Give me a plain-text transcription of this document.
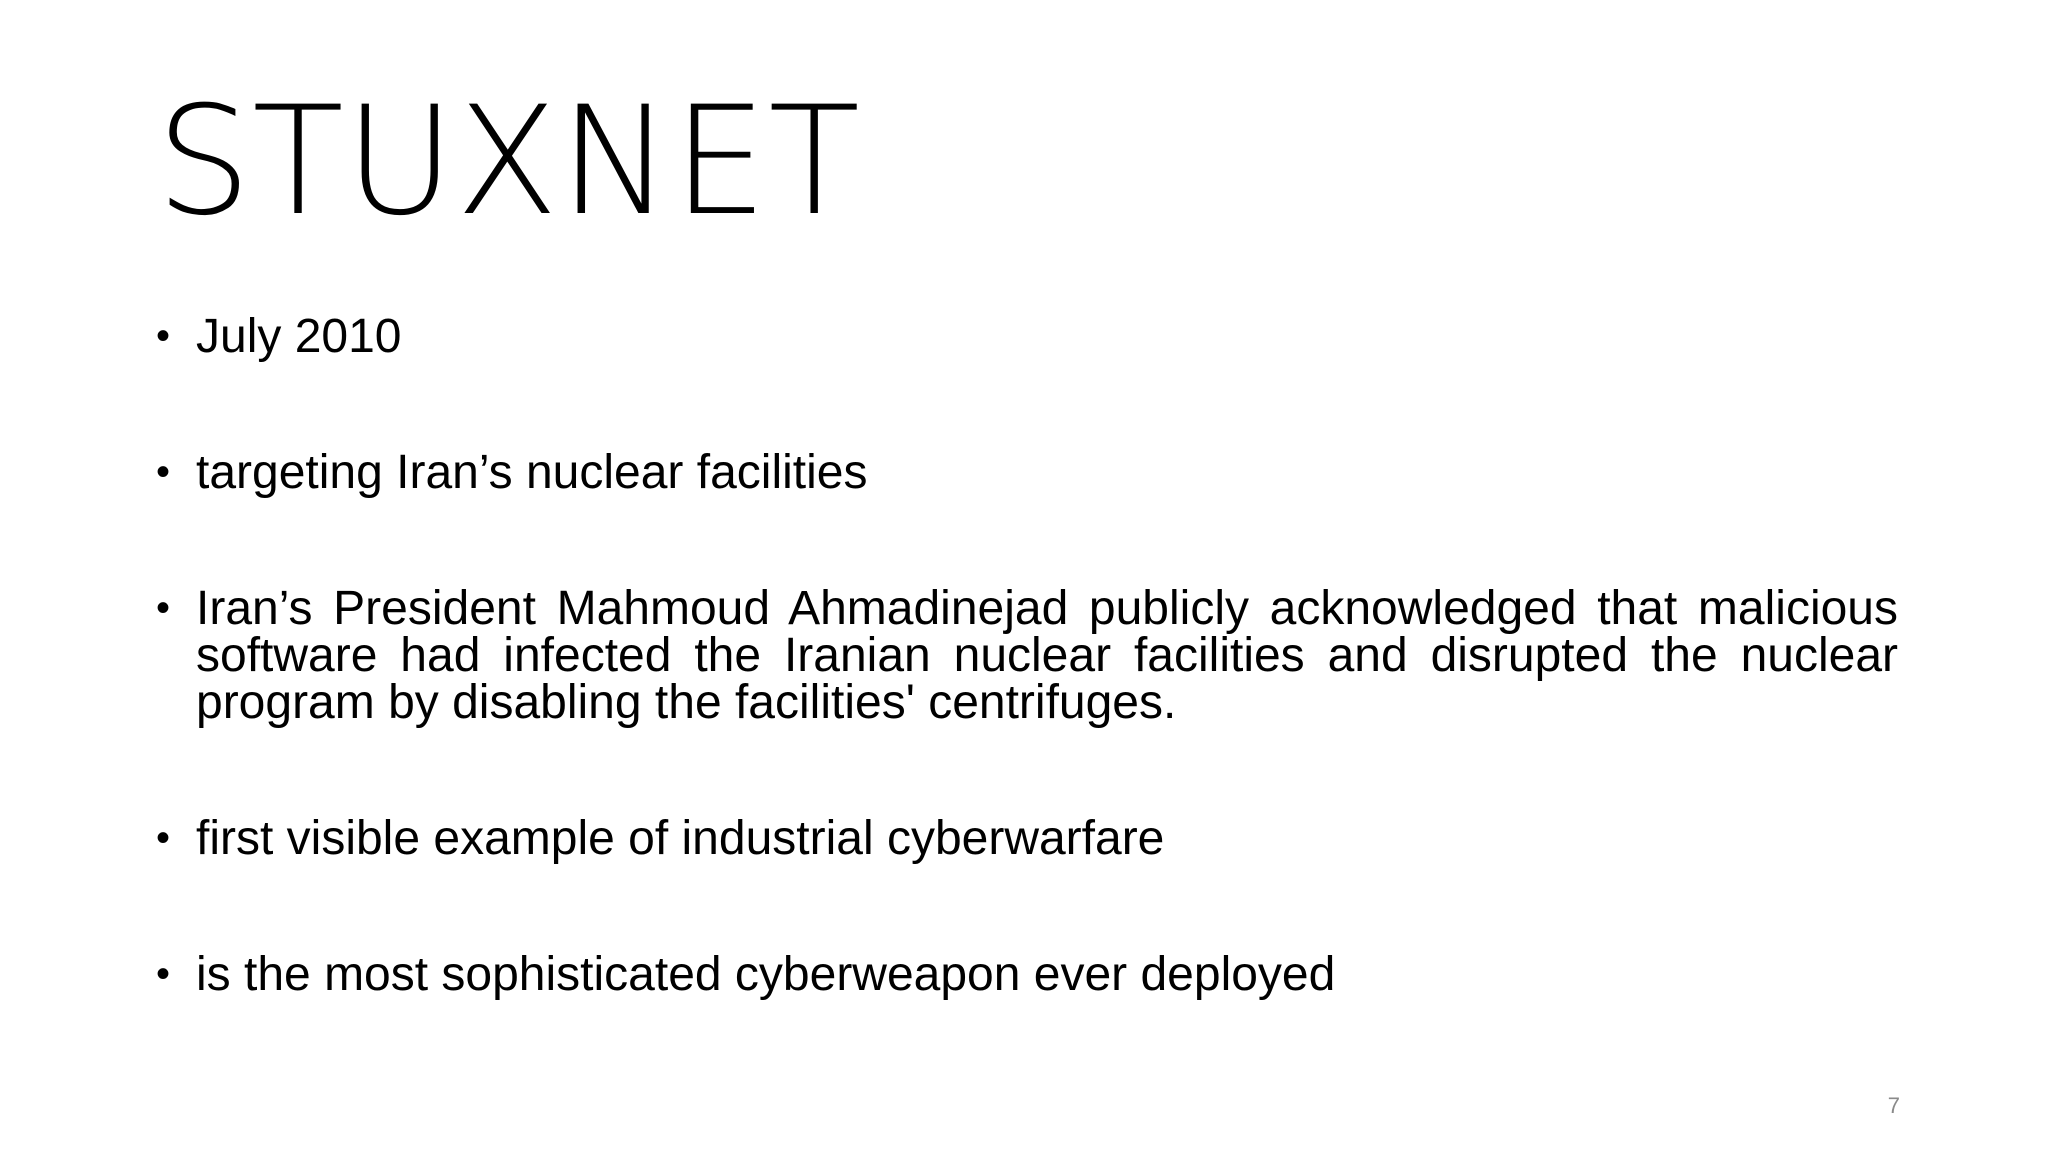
STUXNET
• July 2010
• targeting Iran’s nuclear facilities
• Iran’s President Mahmoud Ahmadinejad publicly acknowledged that malicious software had infected the Iranian nuclear facilities and disrupted the nuclear program by disabling the facilities' centrifuges.
• first visible example of industrial cyberwarfare
• is the most sophisticated cyberweapon ever deployed
7
